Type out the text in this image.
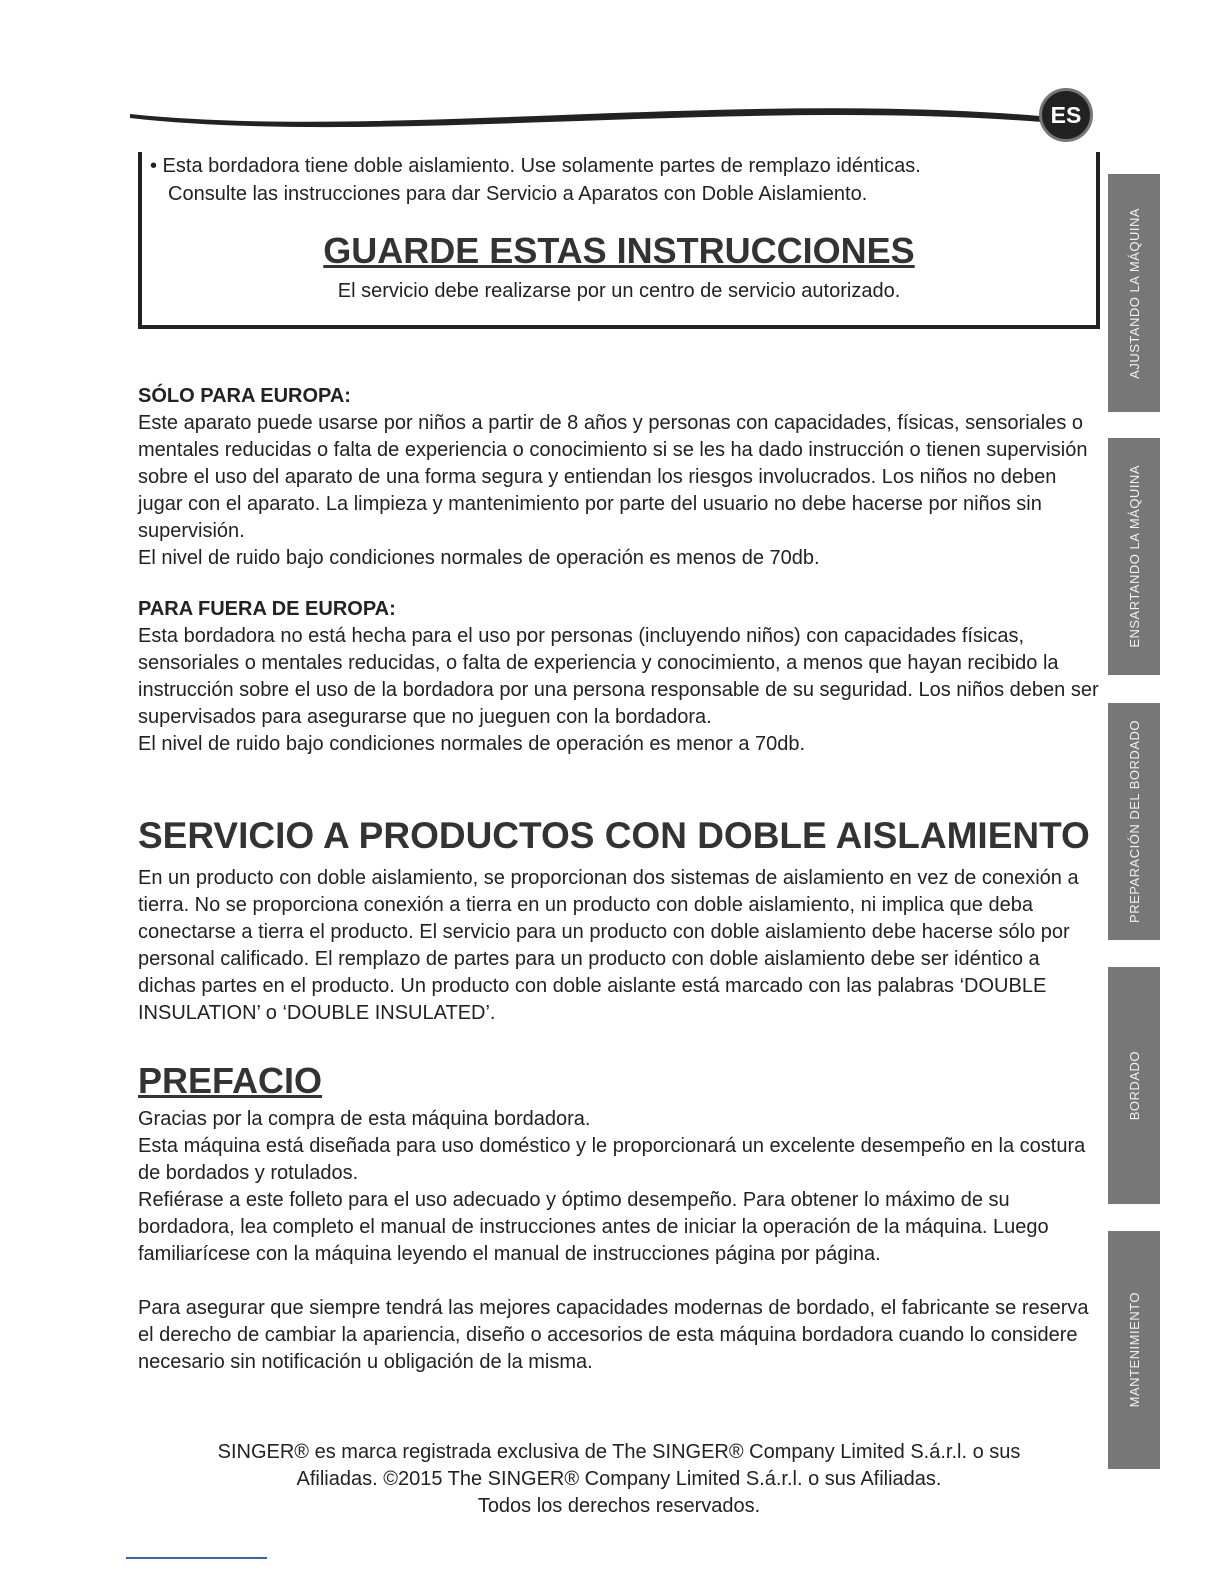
ES
• Esta bordadora tiene doble aislamiento. Use solamente partes de remplazo idénticas.
Consulte las instrucciones para dar Servicio a Aparatos con Doble Aislamiento.
GUARDE ESTAS INSTRUCCIONES
El servicio debe realizarse por un centro de servicio autorizado.
SÓLO PARA EUROPA:

Este aparato puede usarse por niños a partir de 8 años y personas con capacidades, físicas, sensoriales o mentales reducidas o falta de experiencia o conocimiento si se les ha dado instrucción o tienen supervisión sobre el uso del aparato de una forma segura y entiendan los riesgos involucrados. Los niños no deben jugar con el aparato. La limpieza y mantenimiento por parte del usuario no debe hacerse por niños sin supervisión.

El nivel de ruido bajo condiciones normales de operación es menos de 70db.

PARA FUERA DE EUROPA:

Esta bordadora no está hecha para el uso por personas (incluyendo niños) con capacidades físicas, sensoriales o mentales reducidas, o falta de experiencia y conocimiento, a menos que hayan recibido la instrucción sobre el uso de la bordadora por una persona responsable de su seguridad. Los niños deben ser supervisados para asegurarse que no jueguen con la bordadora.

El nivel de ruido bajo condiciones normales de operación es menor a 70db.

SERVICIO A PRODUCTOS CON DOBLE AISLAMIENTO

En un producto con doble aislamiento, se proporcionan dos sistemas de aislamiento en vez de conexión a tierra. No se proporciona conexión a tierra en un producto con doble aislamiento, ni implica que deba conectarse a tierra el producto. El servicio para un producto con doble aislamiento debe hacerse sólo por personal calificado. El remplazo de partes para un producto con doble aislamiento debe ser idéntico a dichas partes en el producto. Un producto con doble aislante está marcado con las palabras ‘DOUBLE INSULATION’ o ‘DOUBLE INSULATED’.

PREFACIO

Gracias por la compra de esta máquina bordadora.

Esta máquina está diseñada para uso doméstico y le proporcionará un excelente desempeño en la costura de bordados y rotulados.

Refiérase a este folleto para el uso adecuado y óptimo desempeño. Para obtener lo máximo de su bordadora, lea completo el manual de instrucciones antes de iniciar la operación de la máquina. Luego familiarícese con la máquina leyendo el manual de instrucciones página por página.

Para asegurar que siempre tendrá las mejores capacidades modernas de bordado, el fabricante se reserva el derecho de cambiar la apariencia, diseño o accesorios de esta máquina bordadora cuando lo considere necesario sin notificación u obligación de la misma.

SINGER® es marca registrada exclusiva de The SINGER® Company Limited S.á.r.l. o sus
Afiliadas. ©2015 The SINGER® Company Limited S.á.r.l. o sus Afiliadas.
Todos los derechos reservados.
AJUSTANDO LA MÁQUINA
ENSARTANDO LA MÁQUINA
PREPARACIÓN DEL BORDADO
BORDADO
MANTENIMIENTO
